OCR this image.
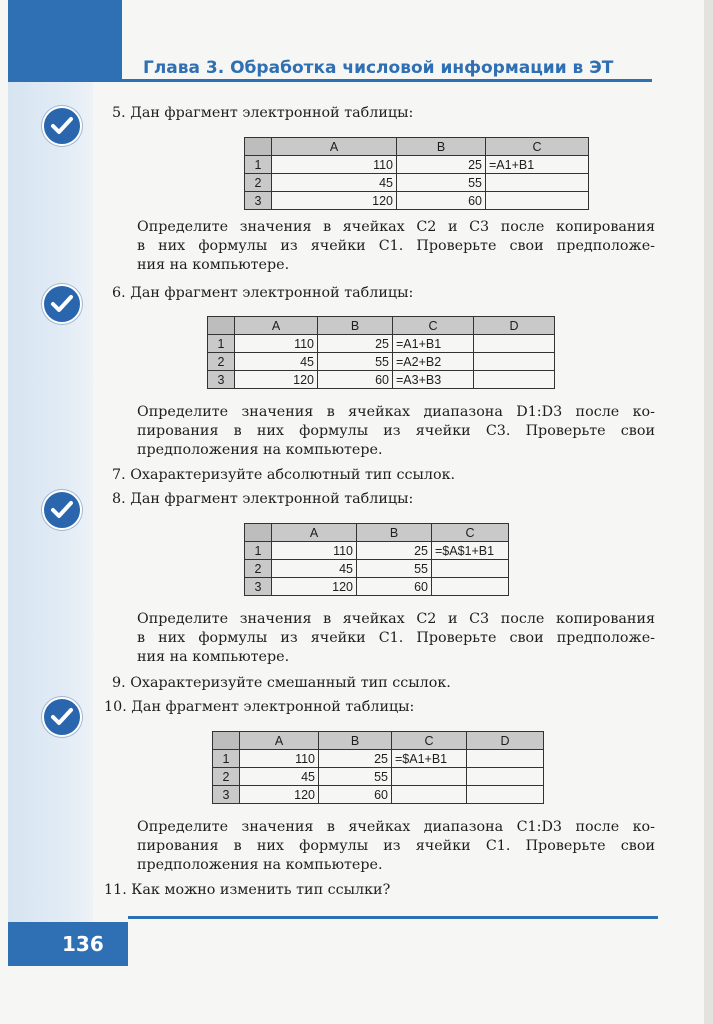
Глава 3. Обработка числовой информации в ЭТ
5. Дан фрагмент электронной таблицы:
	A	B	C
1	110	25	=A1+B1
2	45	55	
3	120	60	
Определите значения в ячейках С2 и С3 после копирования
в них формулы из ячейки С1. Проверьте свои предположе-
ния на компьютере.
6. Дан фрагмент электронной таблицы:
	A	B	C	D
1	110	25	=A1+B1	
2	45	55	=A2+B2	
3	120	60	=A3+B3	
Определите значения в ячейках диапазона D1:D3 после ко-
пирования в них формулы из ячейки С3. Проверьте свои
предположения на компьютере.
7. Охарактеризуйте абсолютный тип ссылок.
8. Дан фрагмент электронной таблицы:
	A	B	C
1	110	25	=$A$1+B1
2	45	55	
3	120	60	
Определите значения в ячейках С2 и С3 после копирования
в них формулы из ячейки С1. Проверьте свои предположе-
ния на компьютере.
9. Охарактеризуйте смешанный тип ссылок.
10. Дан фрагмент электронной таблицы:
	A	B	C	D
1	110	25	=$A1+B1	
2	45	55		
3	120	60		
Определите значения в ячейках диапазона С1:D3 после ко-
пирования в них формулы из ячейки С1. Проверьте свои
предположения на компьютере.
11. Как можно изменить тип ссылки?
136
